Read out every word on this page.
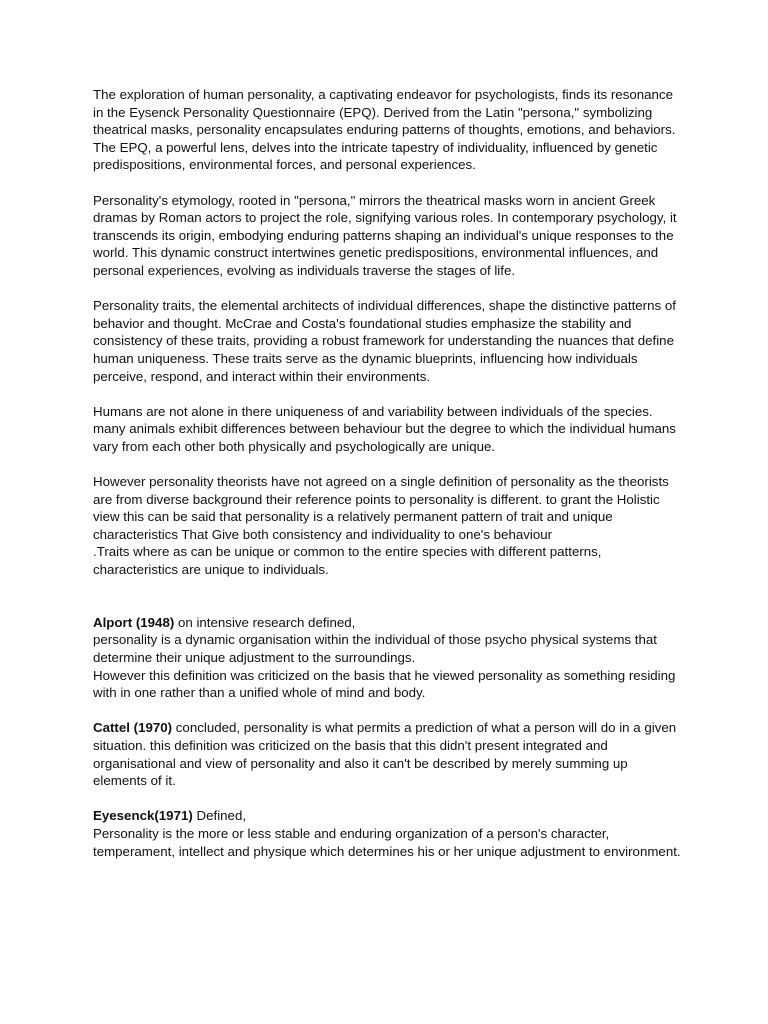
The exploration of human personality, a captivating endeavor for psychologists, finds its resonance in the Eysenck Personality Questionnaire (EPQ). Derived from the Latin "persona," symbolizing theatrical masks, personality encapsulates enduring patterns of thoughts, emotions, and behaviors. The EPQ, a powerful lens, delves into the intricate tapestry of individuality, influenced by genetic predispositions, environmental forces, and personal experiences.

Personality's etymology, rooted in "persona," mirrors the theatrical masks worn in ancient Greek dramas by Roman actors to project the role, signifying various roles. In contemporary psychology, it transcends its origin, embodying enduring patterns shaping an individual's unique responses to the world. This dynamic construct intertwines genetic predispositions, environmental influences, and personal experiences, evolving as individuals traverse the stages of life.

Personality traits, the elemental architects of individual differences, shape the distinctive patterns of behavior and thought. McCrae and Costa's foundational studies emphasize the stability and consistency of these traits, providing a robust framework for understanding the nuances that define human uniqueness. These traits serve as the dynamic blueprints, influencing how individuals perceive, respond, and interact within their environments.

Humans are not alone in there uniqueness of and variability between individuals of the species. many animals exhibit differences between behaviour but the degree to which the individual humans vary from each other both physically and psychologically are unique.

However personality theorists have not agreed on a single definition of personality as the theorists are from diverse background their reference points to personality is different. to grant the Holistic view this can be said that personality is a relatively permanent pattern of trait and unique characteristics That Give both consistency and individuality to one's behaviour
.Traits where as can be unique or common to the entire species with different patterns, characteristics are unique to individuals.

Alport (1948) on intensive research defined,

personality is a dynamic organisation within the individual of those psycho physical systems that determine their unique adjustment to the surroundings.
However this definition was criticized on the basis that he viewed personality as something residing with in one rather than a unified whole of mind and body.

Cattel (1970) concluded, personality is what permits a prediction of what a person will do in a given situation. this definition was criticized on the basis that this didn't present integrated and organisational and view of personality and also it can't be described by merely summing up elements of it.

Eyesenck(1971) Defined,

Personality is the more or less stable and enduring organization of a person's character, temperament, intellect and physique which determines his or her unique adjustment to environment.
